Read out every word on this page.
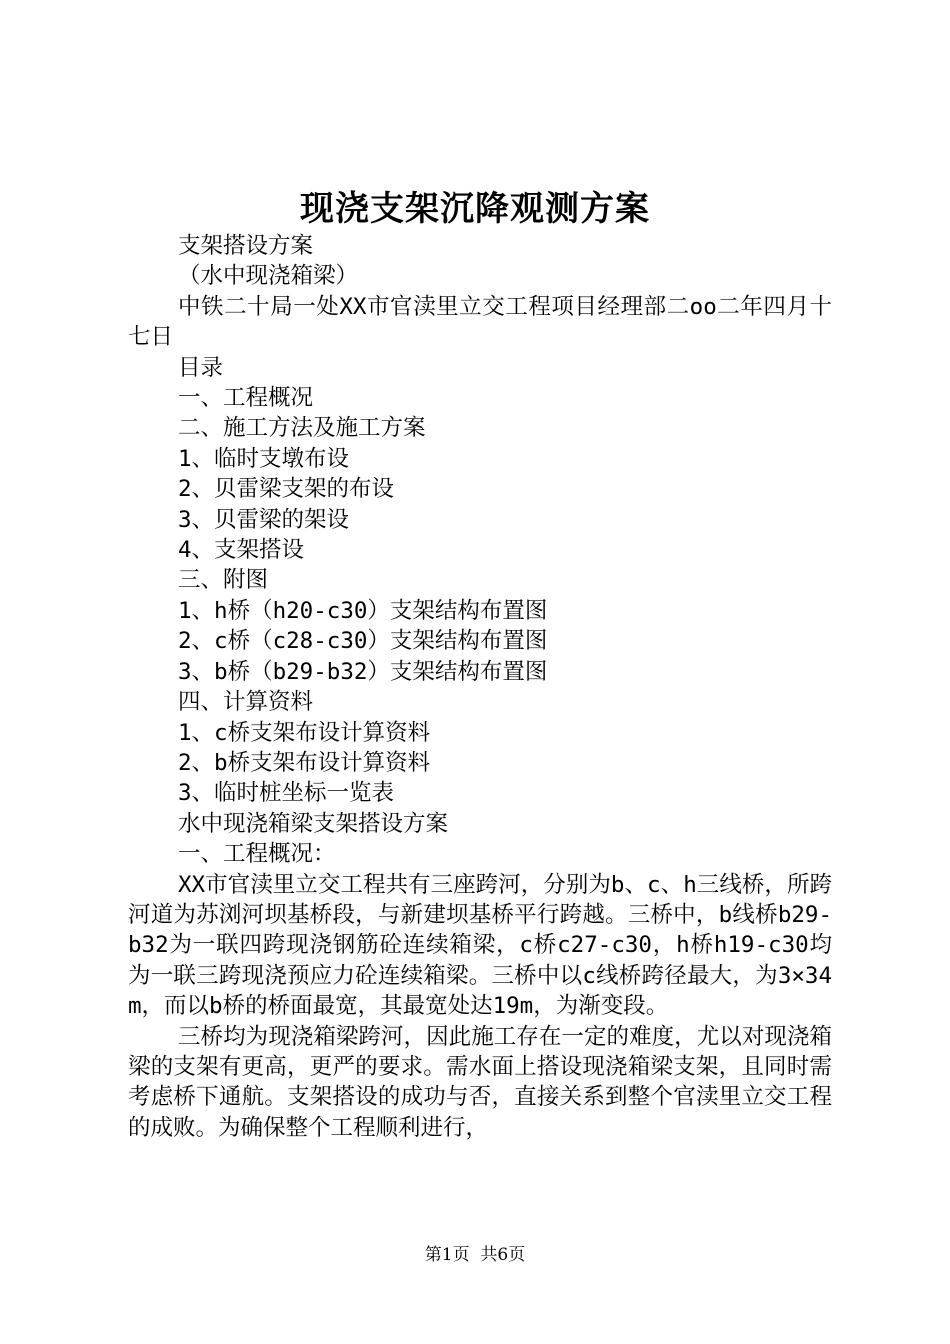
现浇支架沉降观测方案

支架搭设方案

（水中现浇箱梁）

中铁二十局一处XX市官渎里立交工程项目经理部二oo二年四月十七日

目录

一、工程概况

二、施工方法及施工方案

1、临时支墩布设

2、贝雷梁支架的布设

3、贝雷梁的架设

4、支架搭设

三、附图

1、h桥（h20-c30）支架结构布置图

2、c桥（c28-c30）支架结构布置图

3、b桥（b29-b32）支架结构布置图

四、计算资料

1、c桥支架布设计算资料

2、b桥支架布设计算资料

3、临时桩坐标一览表

水中现浇箱梁支架搭设方案

一、工程概况：

XX市官渎里立交工程共有三座跨河，分别为b、c、h三线桥，所跨河道为苏浏河坝基桥段，与新建坝基桥平行跨越。三桥中，b线桥b29-b32为一联四跨现浇钢筋砼连续箱梁，c桥c27-c30，h桥h19-c30均为一联三跨现浇预应力砼连续箱梁。三桥中以c线桥跨径最大，为3×34m，而以b桥的桥面最宽，其最宽处达19m，为渐变段。

三桥均为现浇箱梁跨河，因此施工存在一定的难度，尤以对现浇箱梁的支架有更高，更严的要求。需水面上搭设现浇箱梁支架，且同时需考虑桥下通航。支架搭设的成功与否，直接关系到整个官渎里立交工程的成败。为确保整个工程顺利进行，

第1页 共6页
